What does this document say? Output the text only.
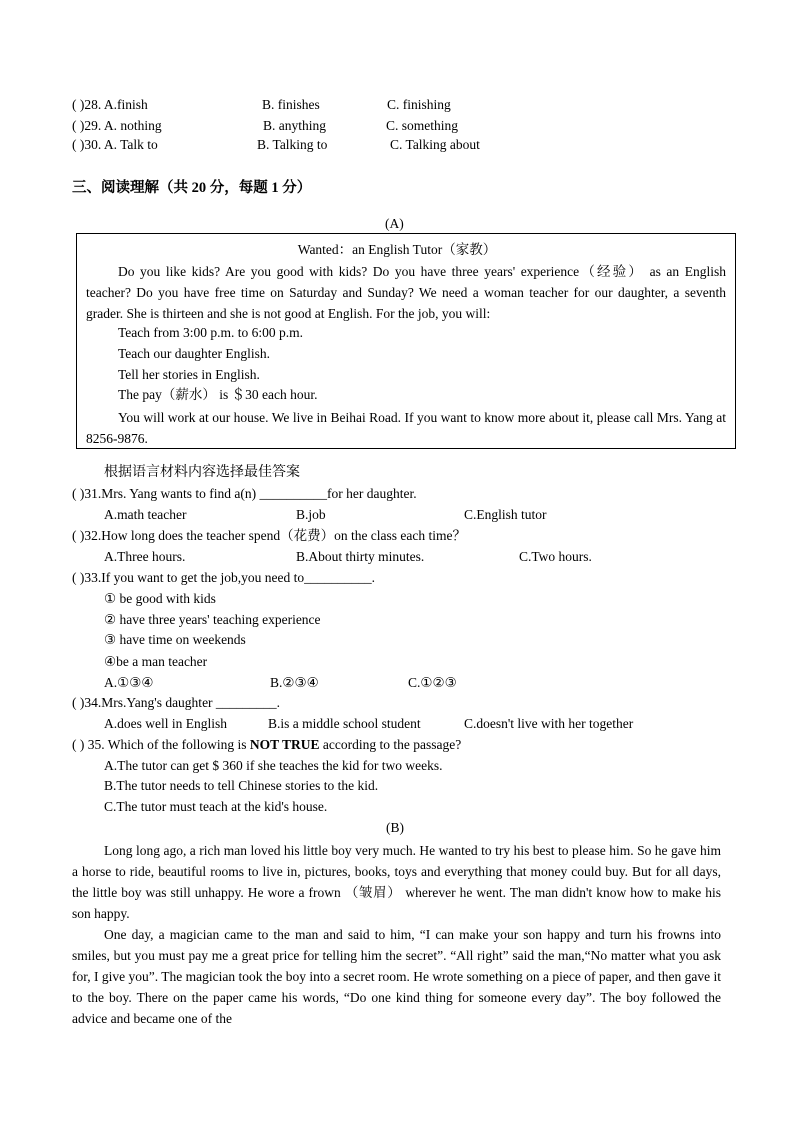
( )28. A.finish	B. finishes	C. finishing
( )29. A. nothing	B. anything	C. something
( )30. A. Talk to	B. Talking to	C. Talking about
三、阅读理解（共 20 分，每题 1 分）
(A)
Wanted：an English Tutor（家教）

Do you like kids? Are you good with kids? Do you have three years' experience（经验） as an English teacher? Do you have free time on Saturday and Sunday? We need a woman teacher for our daughter, a seventh grader. She is thirteen and she is not good at English. For the job, you will:

Teach from 3:00 p.m. to 6:00 p.m.
Teach our daughter English.
Tell her stories in English.
The pay（薪水） is ＄30 each hour.

You will work at our house. We live in Beihai Road. If you want to know more about it, please call Mrs. Yang at 8256-9876.

根据语言材料内容选择最佳答案
( )31.Mrs. Yang wants to find a(n) __________for her daughter.
A.math teacher	B.job	C.English tutor
( )32.How long does the teacher spend（花费）on the class each time？
A.Three hours.	B.About thirty minutes.	C.Two hours.
( )33.If you want to get the job,you need to__________.
① be good with kids
② have three years' teaching experience
③ have time on weekends
④be a man teacher
A.①③④	B.②③④	C.①②③
( )34.Mrs.Yang's daughter _________.
A.does well in English	B.is a middle school student	C.doesn't live with her together
( ) 35. Which of the following is NOT TRUE according to the passage?
A.The tutor can get $ 360 if she teaches the kid for two weeks.
B.The tutor needs to tell Chinese stories to the kid.
C.The tutor must teach at the kid's house.
(B)

Long long ago, a rich man loved his little boy very much. He wanted to try his best to please him. So he gave him a horse to ride, beautiful rooms to live in, pictures, books, toys and everything that money could buy. But for all days, the little boy was still unhappy. He wore a frown （皱眉） wherever he went. The man didn't know how to make his son happy.

One day, a magician came to the man and said to him, “I can make your son happy and turn his frowns into smiles, but you must pay me a great price for telling him the secret”. “All right” said the man,“No matter what you ask for, I give you”. The magician took the boy into a secret room. He wrote something on a piece of paper, and then gave it to the boy. There on the paper came his words, “Do one kind thing for someone every day”. The boy followed the advice and became one of the
